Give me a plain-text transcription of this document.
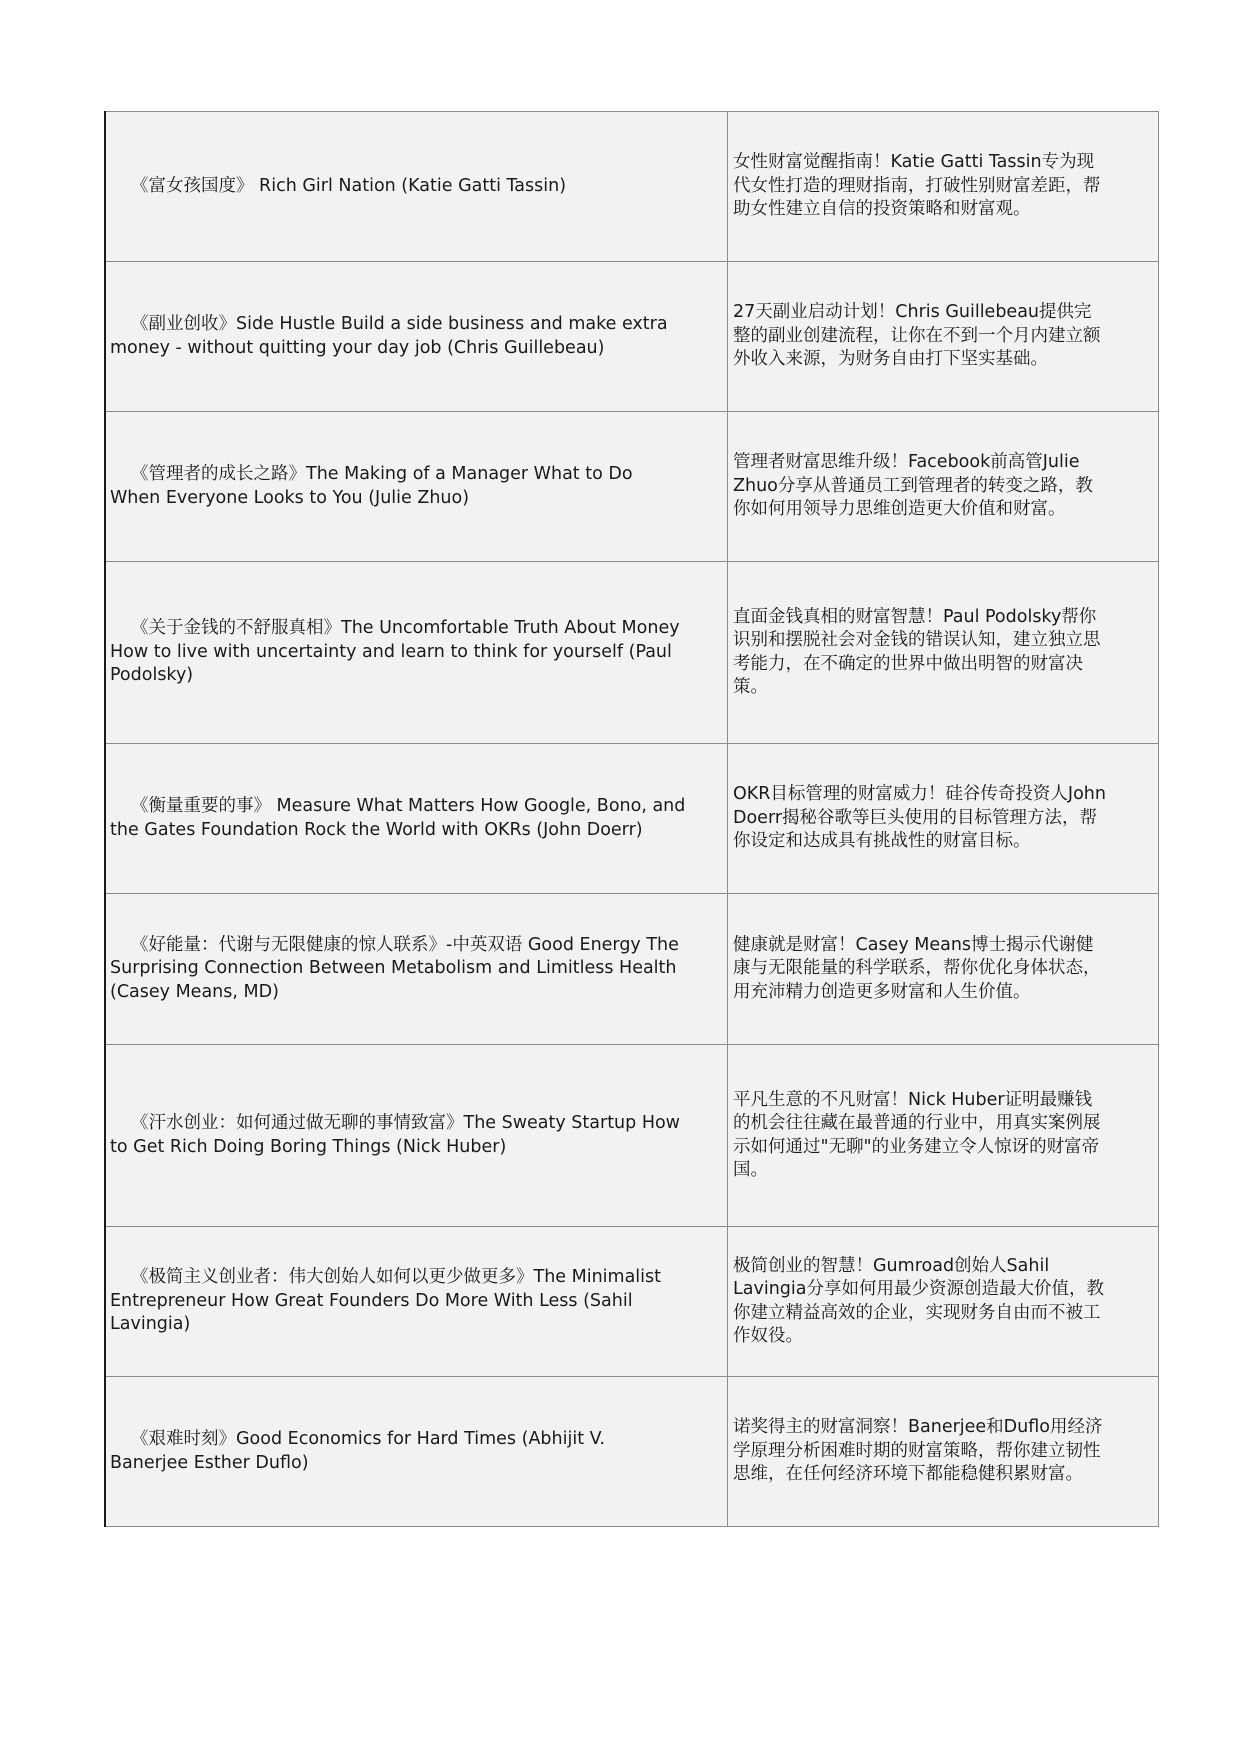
《富女孩国度》 Rich Girl Nation (Katie Gatti Tassin)	女性财富觉醒指南！Katie Gatti Tassin专为现代女性打造的理财指南，打破性别财富差距，帮助女性建立自信的投资策略和财富观。

《副业创收》Side Hustle Build a side business and make extra money - without quitting your day job (Chris Guillebeau)	27天副业启动计划！Chris Guillebeau提供完整的副业创建流程，让你在不到一个月内建立额外收入来源，为财务自由打下坚实基础。

《管理者的成长之路》The Making of a Manager What to Do When Everyone Looks to You (Julie Zhuo)	管理者财富思维升级！Facebook前高管Julie Zhuo分享从普通员工到管理者的转变之路，教你如何用领导力思维创造更大价值和财富。

《关于金钱的不舒服真相》The Uncomfortable Truth About Money How to live with uncertainty and learn to think for yourself (Paul Podolsky)	直面金钱真相的财富智慧！Paul Podolsky帮你识别和摆脱社会对金钱的错误认知，建立独立思考能力，在不确定的世界中做出明智的财富决策。

《衡量重要的事》 Measure What Matters How Google, Bono, and the Gates Foundation Rock the World with OKRs (John Doerr)	OKR目标管理的财富威力！硅谷传奇投资人John Doerr揭秘谷歌等巨头使用的目标管理方法，帮你设定和达成具有挑战性的财富目标。

《好能量：代谢与无限健康的惊人联系》-中英双语 Good Energy The Surprising Connection Between Metabolism and Limitless Health (Casey Means, MD)	健康就是财富！Casey Means博士揭示代谢健康与无限能量的科学联系，帮你优化身体状态，用充沛精力创造更多财富和人生价值。

《汗水创业：如何通过做无聊的事情致富》The Sweaty Startup How to Get Rich Doing Boring Things (Nick Huber)	平凡生意的不凡财富！Nick Huber证明最赚钱的机会往往藏在最普通的行业中，用真实案例展示如何通过"无聊"的业务建立令人惊讶的财富帝国。

《极简主义创业者：伟大创始人如何以更少做更多》The Minimalist Entrepreneur How Great Founders Do More With Less (Sahil Lavingia)	极简创业的智慧！Gumroad创始人Sahil Lavingia分享如何用最少资源创造最大价值，教你建立精益高效的企业，实现财务自由而不被工作奴役。

《艰难时刻》Good Economics for Hard Times (Abhijit V. Banerjee Esther Duflo)	诺奖得主的财富洞察！Banerjee和Duflo用经济学原理分析困难时期的财富策略，帮你建立韧性思维，在任何经济环境下都能稳健积累财富。
